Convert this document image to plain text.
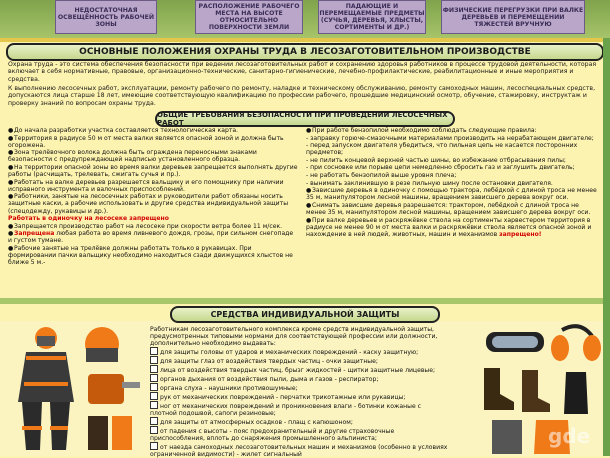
НЕДОСТАТОЧНАЯ ОСВЕЩЁННОСТЬ РАБОЧЕЙ ЗОНЫ
РАСПОЛОЖЕНИЕ РАБОЧЕГО МЕСТА НА ВЫСОТЕ ОТНОСИТЕЛЬНО ПОВЕРХНОСТИ ЗЕМЛИ
ПАДАЮЩИЕ И ПЕРЕМЕЩАЕМЫЕ ПРЕДМЕТЫ (СУЧЬЯ, ДЕРЕВЬЯ, ХЛЫСТЫ, СОРТИМЕНТЫ И ДР.)
ФИЗИЧЕСКИЕ ПЕРЕГРУЗКИ ПРИ ВАЛКЕ ДЕРЕВЬЕВ И ПЕРЕМЕЩЕНИИ ТЯЖЕСТЕЙ ВРУЧНУЮ
ОСНОВНЫЕ ПОЛОЖЕНИЯ ОХРАНЫ ТРУДА В ЛЕСОЗАГОТОВИТЕЛЬНОМ ПРОИЗВОДСТВЕ
Охрана труда - это система обеспечения безопасности при ведении лесозаготовительных работ и сохранению здоровья работников в процессе трудовой деятельности, которая включает в себя нормативные, правовые, организационно-технические, санитарно-гигиенические, лечебно-профилактические, реабилитационные и иные мероприятия и средства.
К выполнению лесосечных работ, эксплуатации, ремонту рабочего по ремонту, наладке и техническому обслуживанию, ремонту самоходных машин, лесоспециальных средств, допускаются лица старше 18 лет, имеющие соответствующую квалификацию по профессии рабочего, прошедшие медицинский осмотр, обучение, стажировку, инструктаж и проверку знаний по вопросам охраны труда.
ОБЩИЕ ТРЕБОВАНИЯ БЕЗОПАСНОСТИ ПРИ ПРОВЕДЕНИИ ЛЕСОСЕЧНЫХ РАБОТ

●До начала разработки участка составляется технологическая карта.

●Территория в радиусе 50 м от места валки является опасной зоной и должна быть огорожена.

●Зона трелёвочного волока должна быть ограждена переносными знаками безопасности с предупреждающей надписью установленного образца.

●На территории опасной зоны во время валки деревьев запрещается выполнять другие работы (расчищать, трелевать, сжигать сучья и пр.).

●Работать на валке деревьев разрешается вальщику и его помощнику при наличии исправного инструмента и валочных приспособлений.

●Работники, занятые на лесосечных работах и руководители работ обязаны носить защитные каски, а рабочие использовать и другие средства индивидуальной защиты (спецодежду, рукавицы и др.).

Работать в одиночку на лесосеке запрещено

●Запрещается производство работ на лесосеке при скорости ветра более 11 м/сек.

●Запрещена любая работа во время ливневого дождя, грозы, при сильном снегопаде и густом тумане.

●Рабочие занятые на трелёвке должны работать только в рукавицах. При формировании пачки вальщику необходимо находиться сзади движущихся хлыстов не ближе 5 м.-

●При работе бензопилой необходимо соблюдать следующие правила:

- заправку горюче-смазочными материалами производить на нерабатающем двигателе;

- перед запуском двигателя убедиться, что пильная цепь не касается посторонних предметов;

- не пилить концевой верхней частью шины, во избежание отбрасывания пилы;

- при сосновке или порыве цепи немедленно сбросить газ и заглушить двигатель;

- не работать бензопилой выше уровня плеча;

- вынимать заклинившую в резе пильную шину после остановки двигателя.

●Зависшие деревья в одиночку с помощью трактора, лебёдкой с длиной троса не менее 35 м, манипулятором лесной машины, вращением зависшего дерева вокруг оси.

●Снимать зависшие деревья разрешается: трактором, лебёдкой с длиной троса не менее 35 м, манипулятором лесной машины, вращением зависшего дерева вокруг оси.

●При валке деревьев и раскряжёвке ствола на сортименты харвестером территория в радиусе не менее 90 м от места валки и раскряжёвки ствола является опасной зоной и нахождение в ней людей, животных, машин и механизмов запрещено!

СРЕДСТВА ИНДИВИДУАЛЬНОЙ ЗАЩИТЫ

Работникам лесозаготовительного комплекса кроме средств индивидуальной защиты, предусмотренных типовыми нормами для соответствующей профессии или должности, дополнительно необходимо выдавать:

для защиты головы от ударов и механических повреждений - каску защитную;

для защиты глаз от воздействия твердых частиц - очки защитные;

лица от воздействия твердых частиц, брызг жидкостей - щитки защитные лицевые;

органов дыхания от воздействия пыли, дыма и газов - респиратор;

органа слуха - наушники противошумные;

рук от механических повреждений - перчатки трикотажные или рукавицы;

ног от механических повреждений и проникновения влаги - ботинки кожаные с плотной подошвой, сапоги резиновые;

для защиты от атмосферных осадков - плащ с капюшоном;

от падения с высоты - пояс предохранительный и другие страховочные приспособления, вплоть до снаряжения промышленного альпиниста;

от наезда самоходных лесозаготовительных машин и механизмов (особенно в условиях ограниченной видимости) - жилет сигнальный

gde
